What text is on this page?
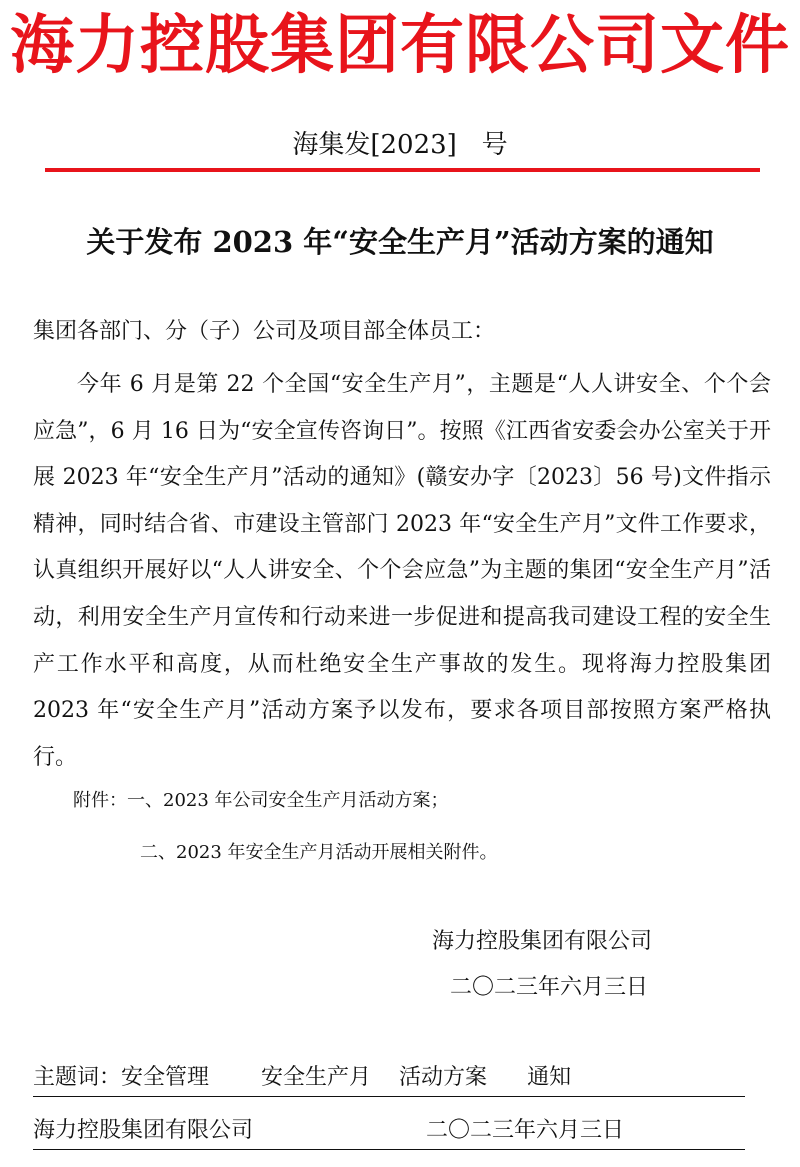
海力控股集团有限公司文件
海集发[2023]   号
关于发布 2023 年“安全生产月”活动方案的通知
集团各部门、分（子）公司及项目部全体员工：

今年 6 月是第 22 个全国“安全生产月”，主题是“人人讲安全、个个会应急”，6 月 16 日为“安全宣传咨询日”。按照《江西省安委会办公室关于开展 2023 年“安全生产月”活动的通知》(赣安办字〔2023〕56 号)文件指示精神，同时结合省、市建设主管部门 2023 年“安全生产月”文件工作要求，认真组织开展好以“人人讲安全、个个会应急”为主题的集团“安全生产月”活动，利用安全生产月宣传和行动来进一步促进和提高我司建设工程的安全生产工作水平和高度，从而杜绝安全生产事故的发生。现将海力控股集团 2023 年“安全生产月”活动方案予以发布，要求各项目部按照方案严格执行。

附件：一、2023 年公司安全生产月活动方案；
二、2023 年安全生产月活动开展相关附件。
海力控股集团有限公司
二〇二三年六月三日
主题词：安全管理 安全生产月 活动方案 通知
海力控股集团有限公司	二〇二三年六月三日
